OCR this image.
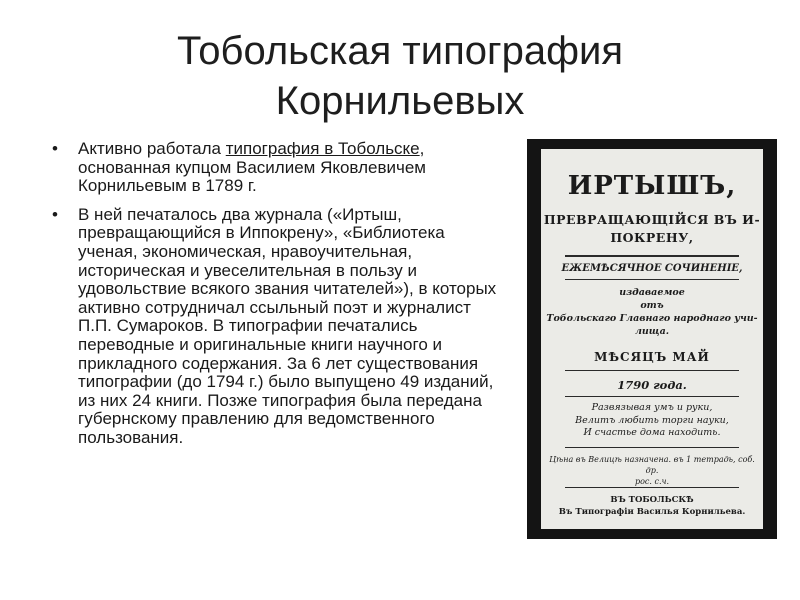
Тобольская типография
Корнильевых
• Активно работала типография в Тобольске, основанная купцом Василием Яковлевичем Корнильевым в 1789 г.
• В ней печаталось два журнала («Иртыш, превращающийся в Иппокрену», «Библиотека ученая, экономическая, нравоучительная, историческая и увеселительная в пользу и удовольствие всякого звания читателей»), в которых активно сотрудничал ссыльный поэт и журналист П.П. Сумароков. В типографии печатались переводные и оригинальные книги научного и прикладного содержания. За 6 лет существования типографии (до 1794 г.) было выпущено 49 изданий, из них 24 книги. Позже типография была передана губернскому правлению для ведомственного пользования.
ИРТЫШЪ,
ПРЕВРАЩАЮЩIЙСЯ ВЪ И-
ПОКРЕНУ,
ЕЖЕМѢСЯЧНОЕ СОЧИНЕНIЕ,
издаваемое
отъ
Тобольскаго Главнаго народнаго учи-
лища.
МѢСЯЦЪ МАЙ
1790 года.
Развязывая умъ и руки,
Велитъ любить торги науки,
И счастье дома находить.
Цѣна въ Велицѣ назначена. въ 1 тетрадь, соб. др.
рос. с.ч.
ВЪ ТОБОЛЬСКѢ
Въ Типографiи Василья Корнильева.
